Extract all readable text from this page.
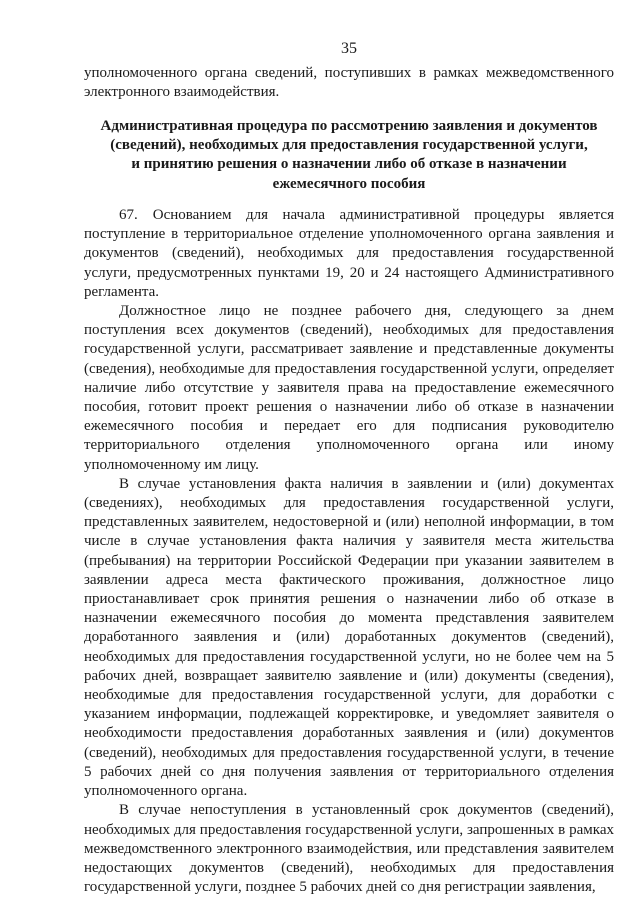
35

уполномоченного органа сведений, поступивших в рамках межведомственного электронного взаимодействия.

Административная процедура по рассмотрению заявления и документов
(сведений), необходимых для предоставления государственной услуги,
и принятию решения о назначении либо об отказе в назначении
ежемесячного пособия

67. Основанием для начала административной процедуры является поступление в территориальное отделение уполномоченного органа заявления и документов (сведений), необходимых для предоставления государственной услуги, предусмотренных пунктами 19, 20 и 24 настоящего Административного регламента.

Должностное лицо не позднее рабочего дня, следующего за днем поступления всех документов (сведений), необходимых для предоставления государственной услуги, рассматривает заявление и представленные документы (сведения), необходимые для предоставления государственной услуги, определяет наличие либо отсутствие у заявителя права на предоставление ежемесячного пособия, готовит проект решения о назначении либо об отказе в назначении ежемесячного пособия и передает его для подписания руководителю территориального отделения уполномоченного органа или иному уполномоченному им лицу.

В случае установления факта наличия в заявлении и (или) документах (сведениях), необходимых для предоставления государственной услуги, представленных заявителем, недостоверной и (или) неполной информации, в том числе в случае установления факта наличия у заявителя места жительства (пребывания) на территории Российской Федерации при указании заявителем в заявлении адреса места фактического проживания, должностное лицо приостанавливает срок принятия решения о назначении либо об отказе в назначении ежемесячного пособия до момента представления заявителем доработанного заявления и (или) доработанных документов (сведений), необходимых для предоставления государственной услуги, но не более чем на 5 рабочих дней, возвращает заявителю заявление и (или) документы (сведения), необходимые для предоставления государственной услуги, для доработки с указанием информации, подлежащей корректировке, и уведомляет заявителя о необходимости предоставления доработанных заявления и (или) документов (сведений), необходимых для предоставления государственной услуги, в течение 5 рабочих дней со дня получения заявления от территориального отделения уполномоченного органа.

В случае непоступления в установленный срок документов (сведений), необходимых для предоставления государственной услуги, запрошенных в рамках межведомственного электронного взаимодействия, или представления заявителем недостающих документов (сведений), необходимых для предоставления государственной услуги, позднее 5 рабочих дней со дня регистрации заявления,
